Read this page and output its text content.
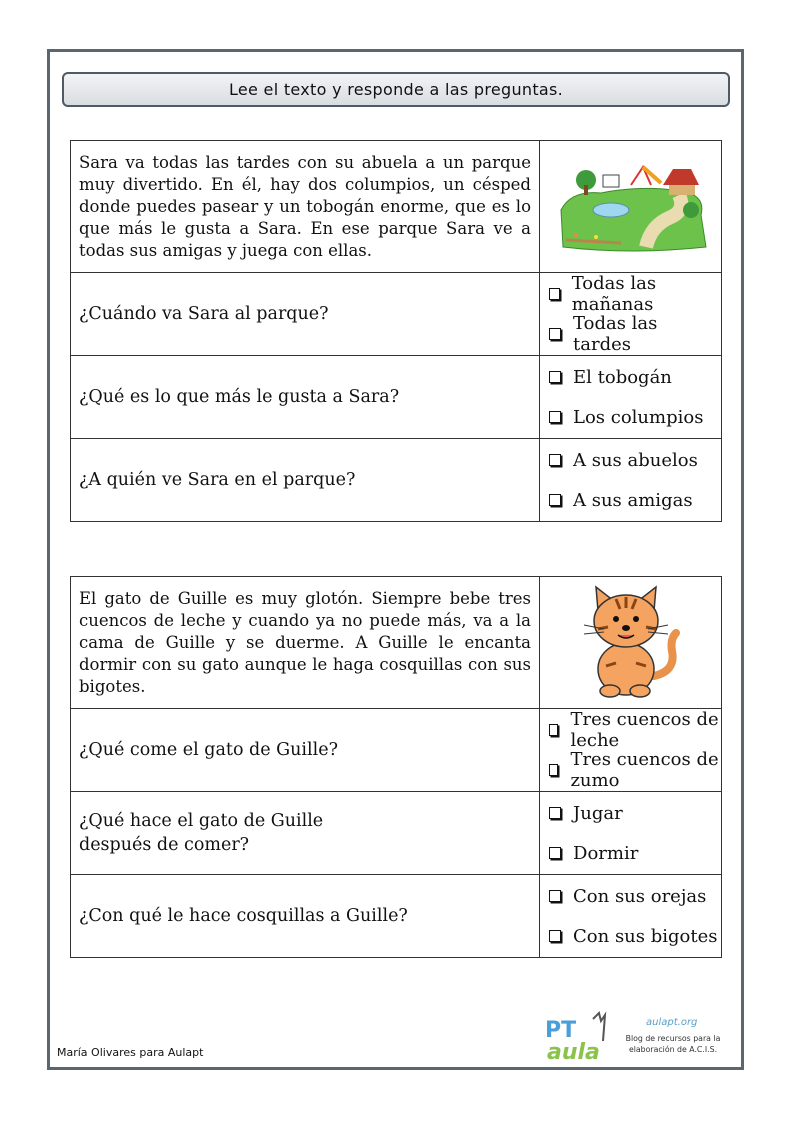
Lee el texto y responde a las preguntas.
Sara va todas las tardes con su abuela a un parque muy divertido. En él, hay dos columpios, un césped donde puedes pasear y un tobogán enorme, que es lo que más le gusta a Sara. En ese parque Sara ve a todas sus amigas y juega con ellas.	
¿Cuándo va Sara al parque?	Todas las mañanas
Todas las tardes

¿Qué es lo que más le gusta a Sara?	El tobogán
Los columpios

¿A quién ve Sara en el parque?	A sus abuelos
A sus amigas
El gato de Guille es muy glotón. Siempre bebe tres cuencos de leche y cuando ya no puede más, va a la cama de Guille y se duerme. A Guille le encanta dormir con su gato aunque le haga cosquillas con sus bigotes.	
¿Qué come el gato de Guille?	Tres cuencos de leche
Tres cuencos de zumo

¿Qué hace el gato de Guille después de comer?	Jugar
Dormir

¿Con qué le hace cosquillas a Guille?	Con sus orejas
Con sus bigotes
María Olivares para Aulapt
PT
aula
aulapt.org
Blog de recursos para la elaboración de A.C.I.S.
